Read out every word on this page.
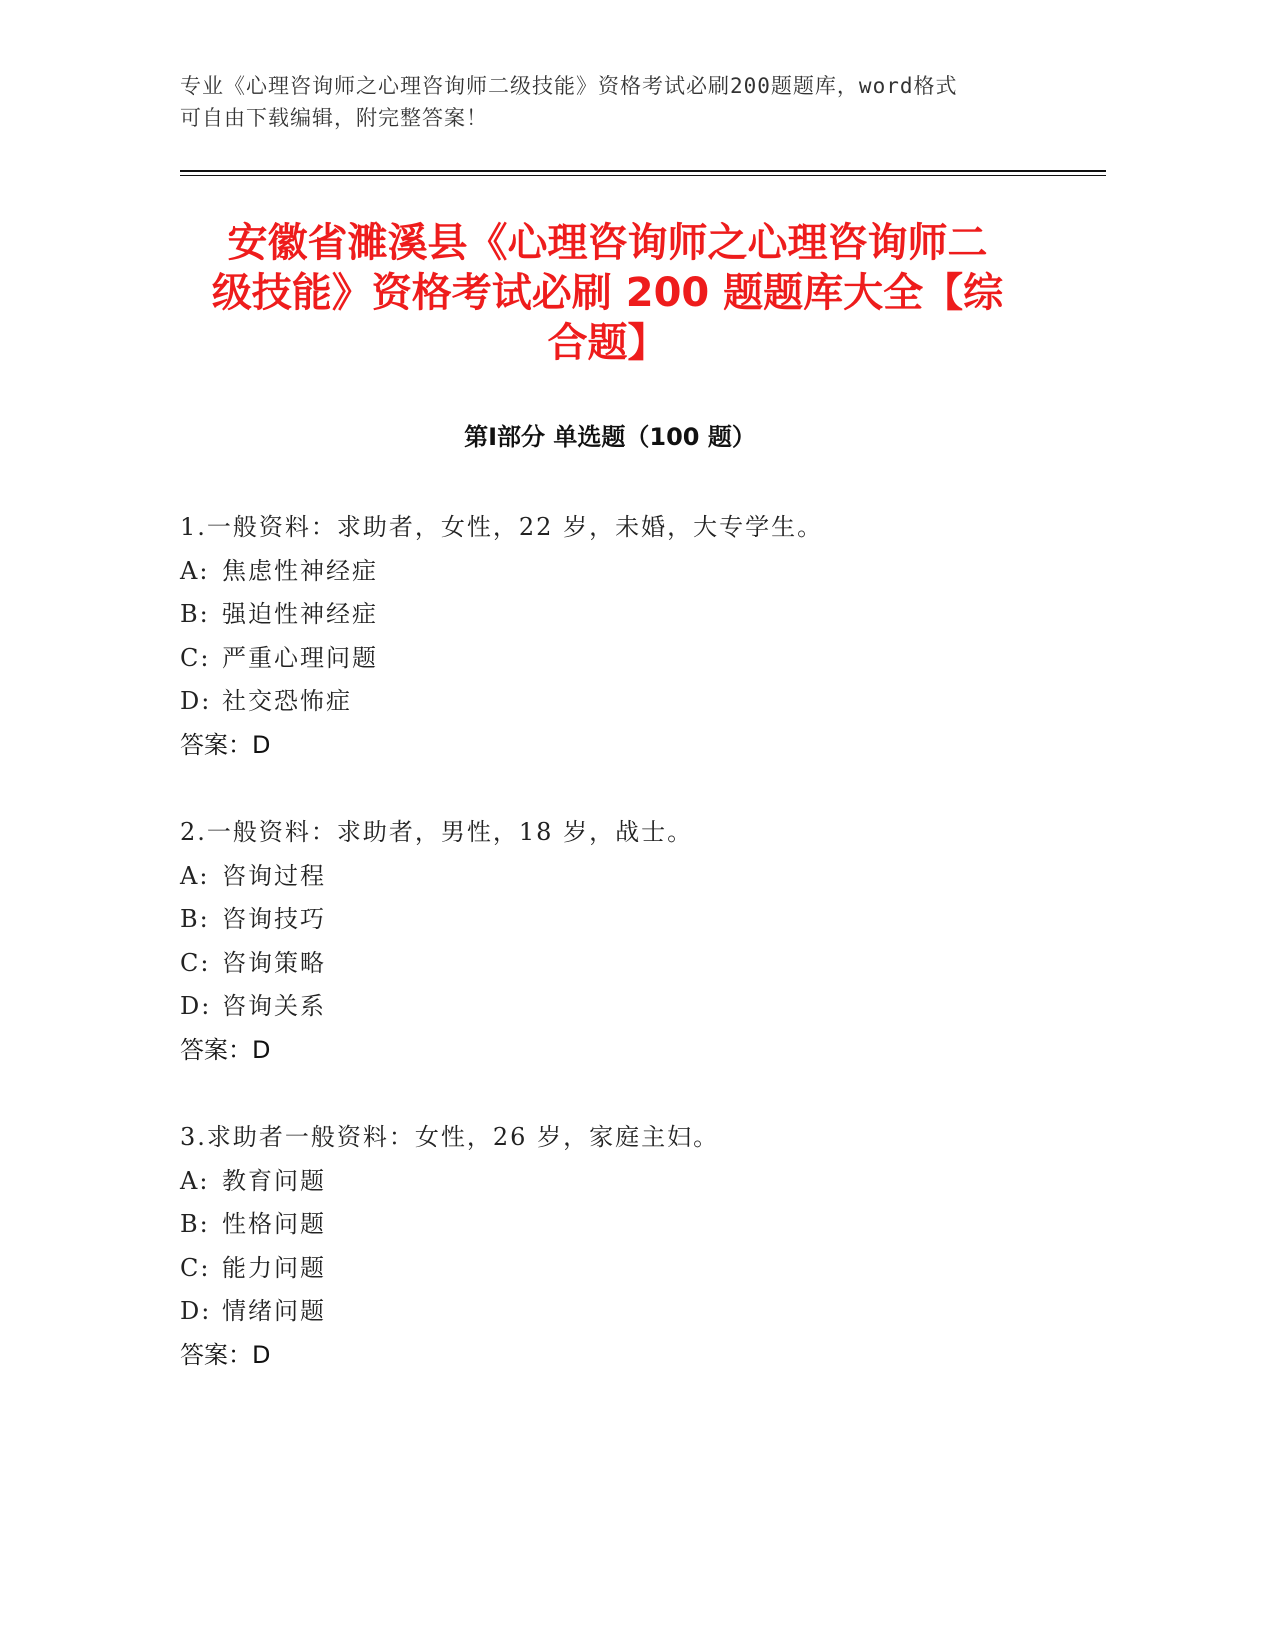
专业《心理咨询师之心理咨询师二级技能》资格考试必刷200题题库，word格式
可自由下载编辑，附完整答案！
安徽省濉溪县《心理咨询师之心理咨询师二
级技能》资格考试必刷 200 题题库大全【综
合题】
第Ⅰ部分 单选题（100 题）
1.一般资料：求助者，女性，22 岁，未婚，大专学生。
A: 焦虑性神经症
B: 强迫性神经症
C: 严重心理问题
D: 社交恐怖症
答案：D
2.一般资料：求助者，男性，18 岁，战士。
A: 咨询过程
B: 咨询技巧
C: 咨询策略
D: 咨询关系
答案：D
3.求助者一般资料：女性，26 岁，家庭主妇。
A: 教育问题
B: 性格问题
C: 能力问题
D: 情绪问题
答案：D
